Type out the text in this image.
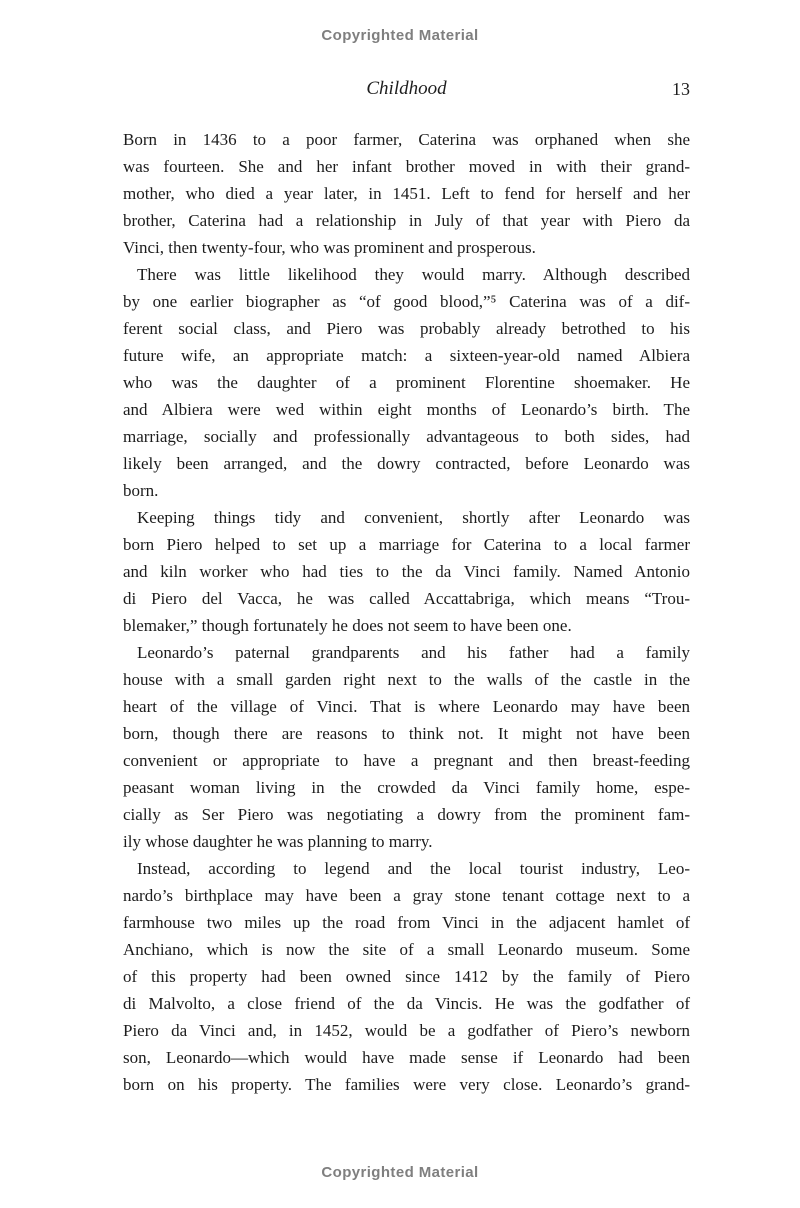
Copyrighted Material
Childhood	13
Born in 1436 to a poor farmer, Caterina was orphaned when she
was fourteen. She and her infant brother moved in with their grand-
mother, who died a year later, in 1451. Left to fend for herself and her
brother, Caterina had a relationship in July of that year with Piero da
Vinci, then twenty-four, who was prominent and prosperous.
There was little likelihood they would marry. Although described
by one earlier biographer as “of good blood,”⁵ Caterina was of a dif-
ferent social class, and Piero was probably already betrothed to his
future wife, an appropriate match: a sixteen-year-old named Albiera
who was the daughter of a prominent Florentine shoemaker. He
and Albiera were wed within eight months of Leonardo’s birth. The
marriage, socially and professionally advantageous to both sides, had
likely been arranged, and the dowry contracted, before Leonardo was
born.
Keeping things tidy and convenient, shortly after Leonardo was
born Piero helped to set up a marriage for Caterina to a local farmer
and kiln worker who had ties to the da Vinci family. Named Antonio
di Piero del Vacca, he was called Accattabriga, which means “Trou-
blemaker,” though fortunately he does not seem to have been one.
Leonardo’s paternal grandparents and his father had a family
house with a small garden right next to the walls of the castle in the
heart of the village of Vinci. That is where Leonardo may have been
born, though there are reasons to think not. It might not have been
convenient or appropriate to have a pregnant and then breast-feeding
peasant woman living in the crowded da Vinci family home, espe-
cially as Ser Piero was negotiating a dowry from the prominent fam-
ily whose daughter he was planning to marry.
Instead, according to legend and the local tourist industry, Leo-
nardo’s birthplace may have been a gray stone tenant cottage next to a
farmhouse two miles up the road from Vinci in the adjacent hamlet of
Anchiano, which is now the site of a small Leonardo museum. Some
of this property had been owned since 1412 by the family of Piero
di Malvolto, a close friend of the da Vincis. He was the godfather of
Piero da Vinci and, in 1452, would be a godfather of Piero’s newborn
son, Leonardo—which would have made sense if Leonardo had been
born on his property. The families were very close. Leonardo’s grand-
Copyrighted Material
